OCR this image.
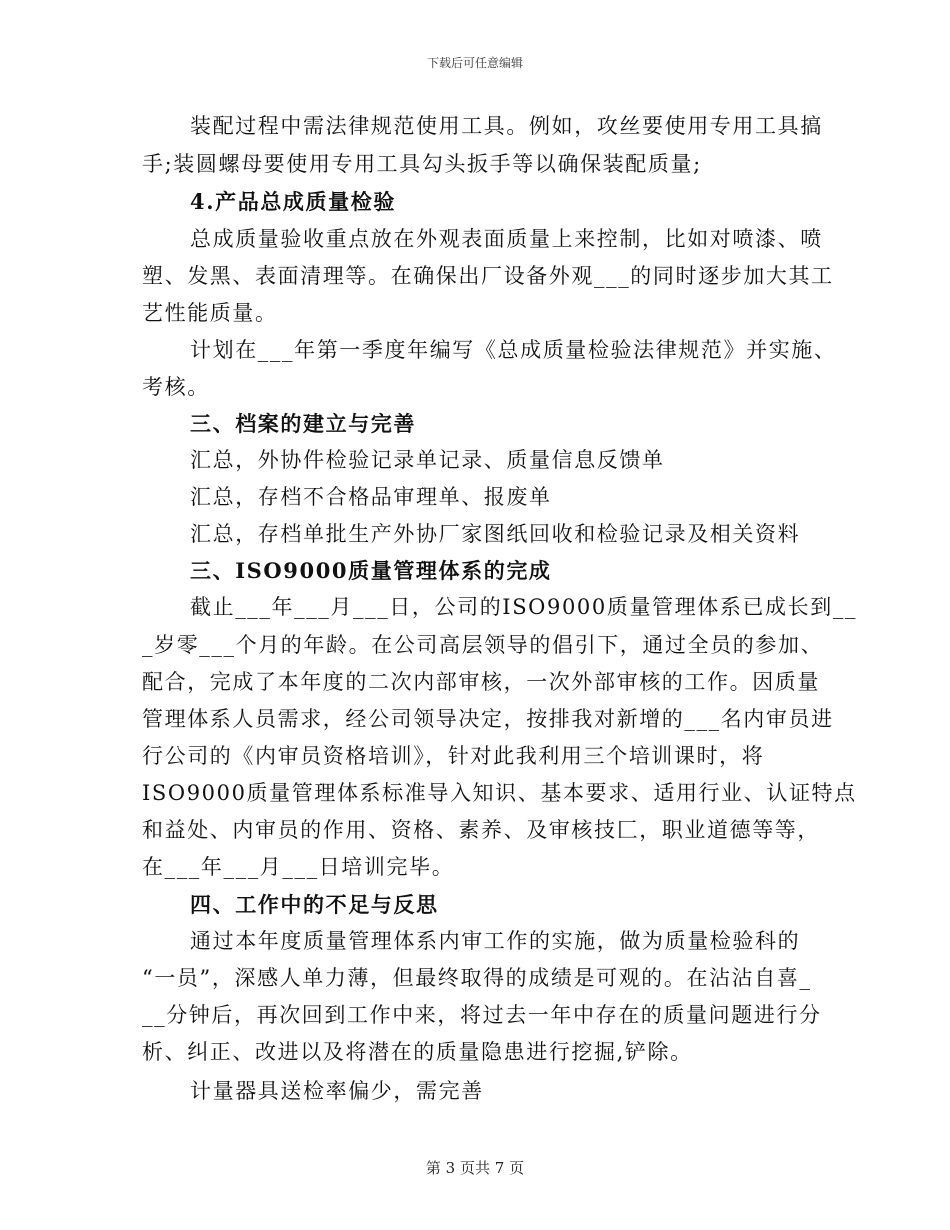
下载后可任意编辑
装配过程中需法律规范使用工具。例如，攻丝要使用专用工具搞
手;装圆螺母要使用专用工具勾头扳手等以确保装配质量;
4.产品总成质量检验
总成质量验收重点放在外观表面质量上来控制，比如对喷漆、喷
塑、发黑、表面清理等。在确保出厂设备外观___的同时逐步加大其工
艺性能质量。
计划在___年第一季度年编写《总成质量检验法律规范》并实施、
考核。
三、档案的建立与完善
汇总，外协件检验记录单记录、质量信息反馈单
汇总，存档不合格品审理单、报废单
汇总，存档单批生产外协厂家图纸回收和检验记录及相关资料
三、ISO9000质量管理体系的完成
截止___年___月___日，公司的ISO9000质量管理体系已成长到__
_岁零___个月的年龄。在公司高层领导的倡引下，通过全员的参加、
配合，完成了本年度的二次内部审核，一次外部审核的工作。因质量
管理体系人员需求，经公司领导决定，按排我对新增的___名内审员进
行公司的《内审员资格培训》，针对此我利用三个培训课时，将
ISO9000质量管理体系标准导入知识、基本要求、适用行业、认证特点
和益处、内审员的作用、资格、素养、及审核技匚，职业道德等等，
在___年___月___日培训完毕。
四、工作中的不足与反思
通过本年度质量管理体系内审工作的实施，做为质量检验科的
“一员”，深感人单力薄，但最终取得的成绩是可观的。在沾沾自喜_
__分钟后，再次回到工作中来，将过去一年中存在的质量问题进行分
析、纠正、改进以及将潜在的质量隐患进行挖掘,铲除。
计量器具送检率偏少，需完善
第 3 页共 7 页
